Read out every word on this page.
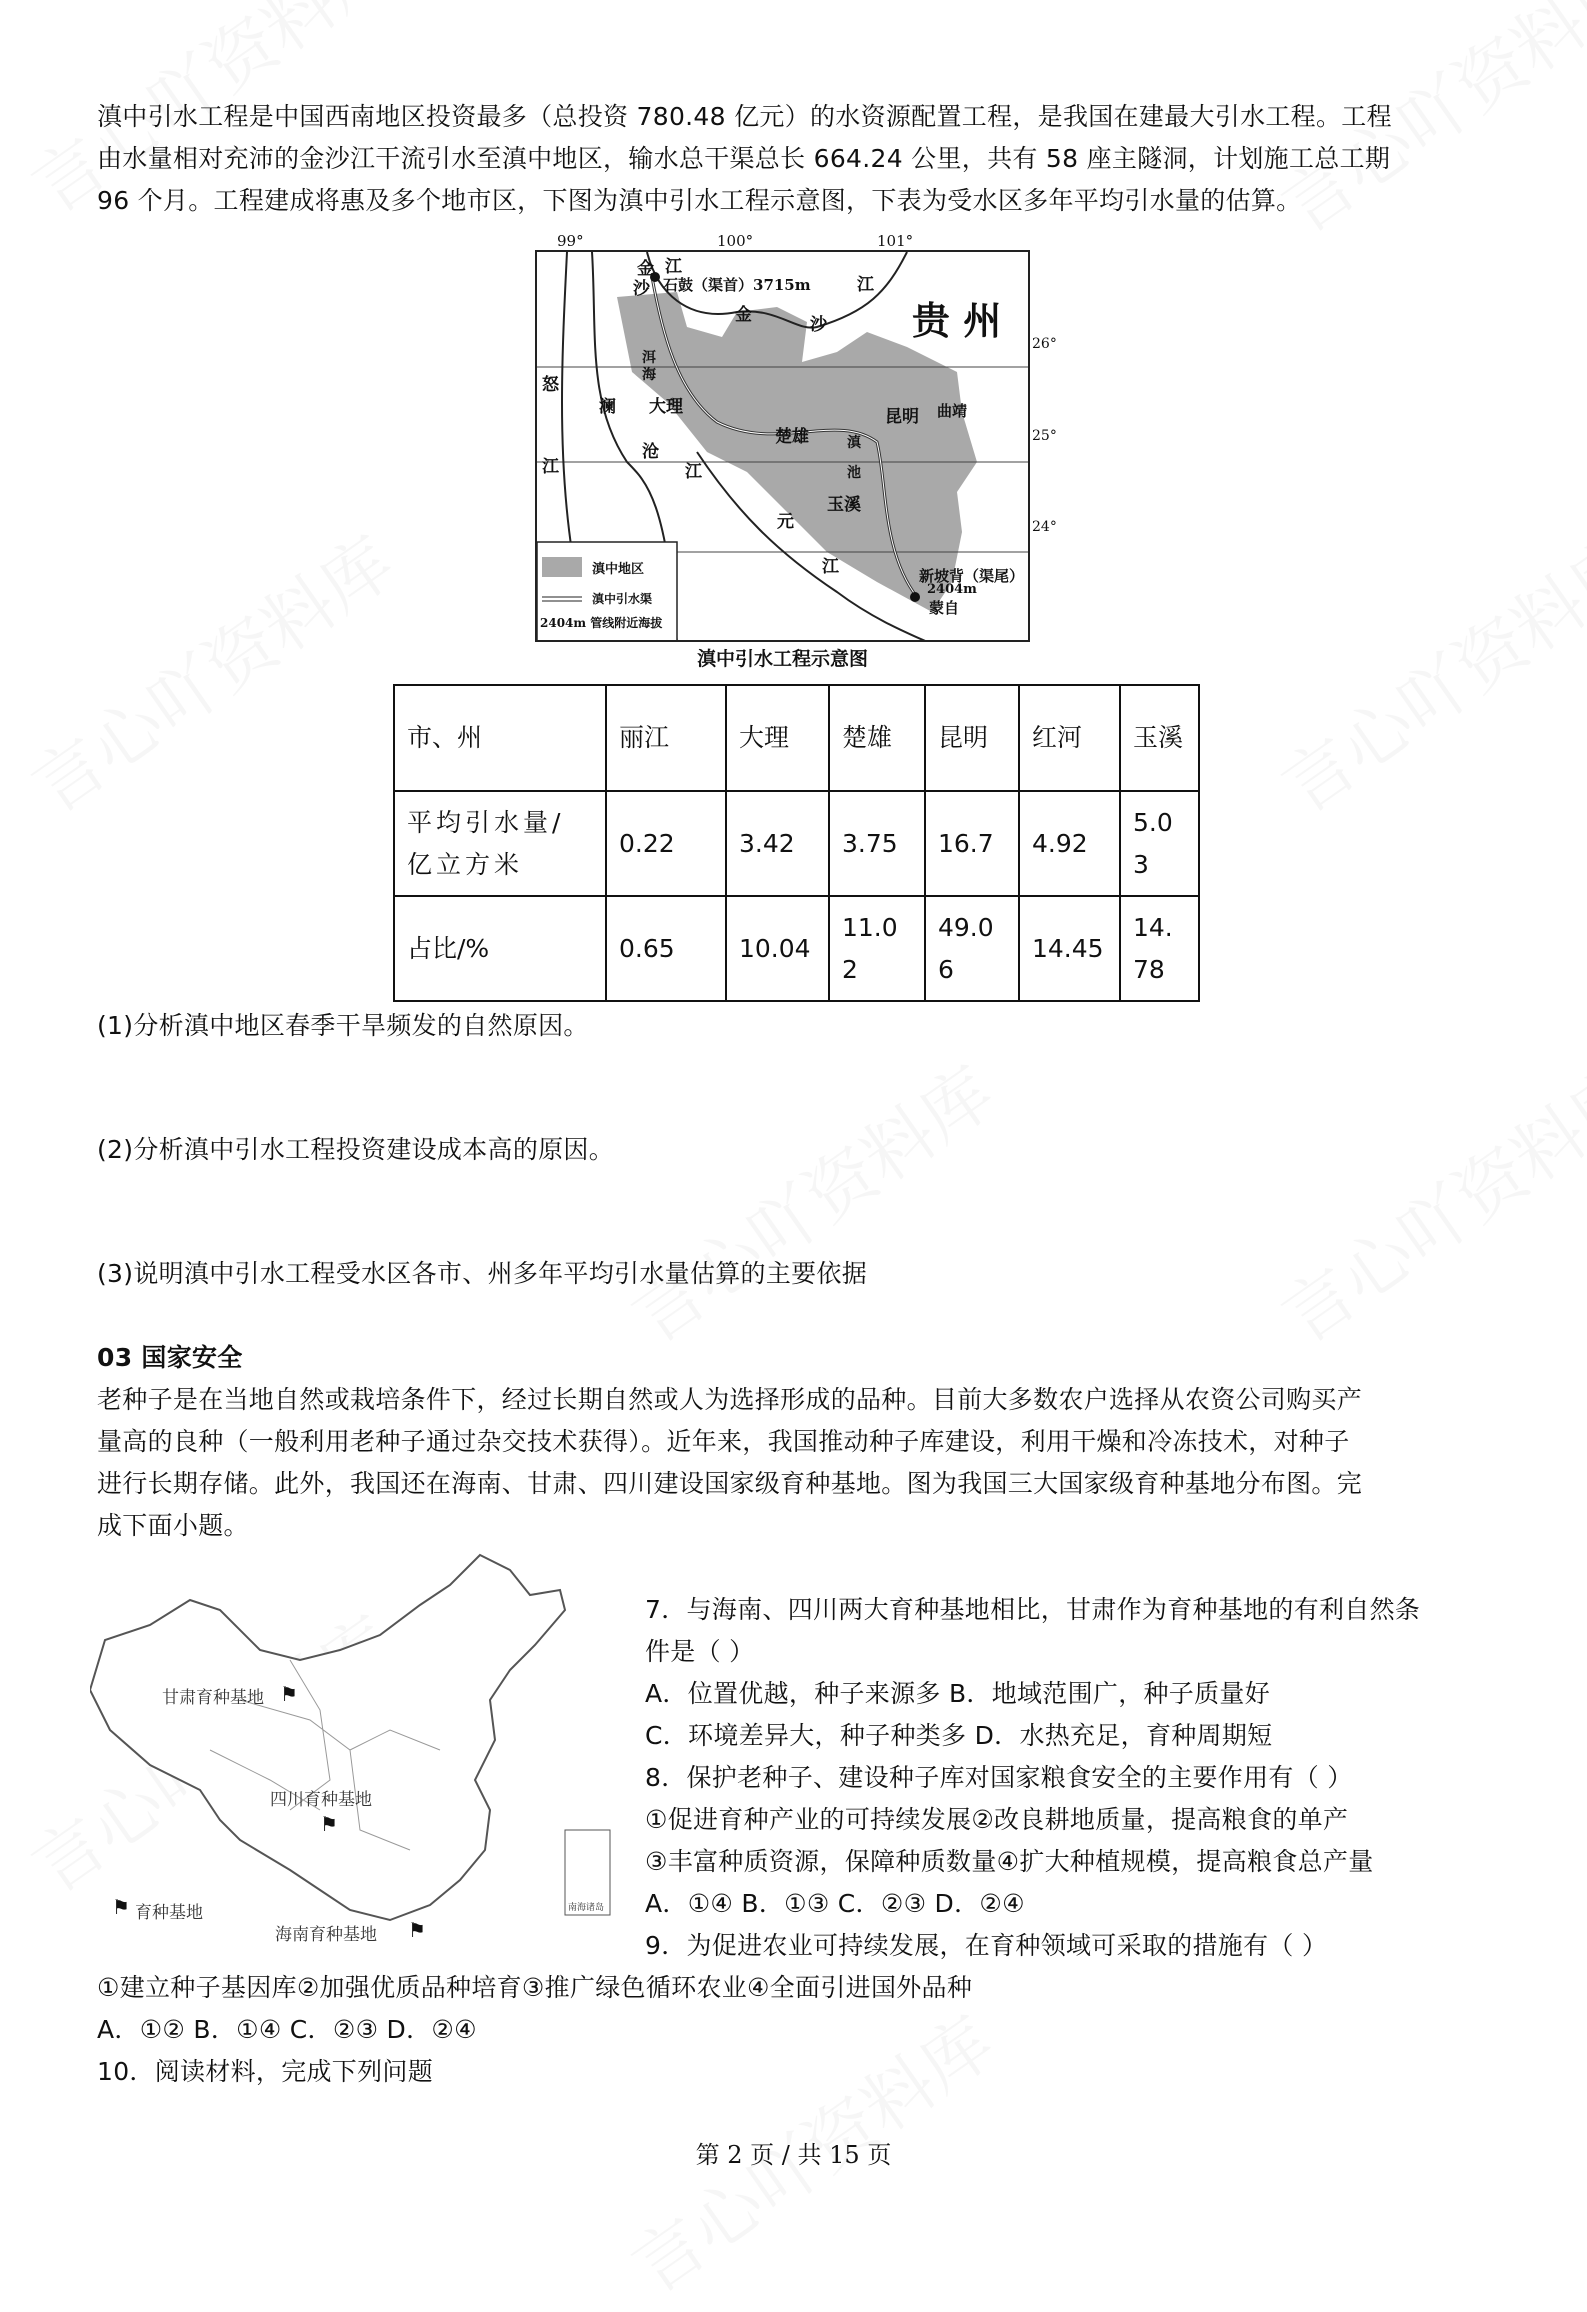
滇中引水工程是中国西南地区投资最多（总投资 780.48 亿元）的水资源配置工程，是我国在建最大引水工程。工程
由水量相对充沛的金沙江干流引水至滇中地区，输水总干渠总长 664.24 公里，共有 58 座主隧洞，计划施工总工期
96 个月。工程建成将惠及多个地市区，下图为滇中引水工程示意图，下表为受水区多年平均引水量的估算。
99°	100°	101°
26°
25°
24°
金 江
沙 石鼓（渠首）3715m
贵 州
金	沙
江
怒
江
澜
沧
江
洱
海
大理
楚雄
昆明 曲靖
滇
池
玉溪
元
江	新坡背（渠尾）
2404m
蒙自
滇中地区
滇中引水渠
2404m 管线附近海拔
滇中引水工程示意图
市、州	丽江	大理	楚雄	昆明	红河	玉溪
平均引水量/亿立方米	0.22	3.42	3.75	16.7	4.92	5.03
占比/%	0.65	10.04	11.02	49.06	14.45	14.78
(1)分析滇中地区春季干旱频发的自然原因。
(2)分析滇中引水工程投资建设成本高的原因。
(3)说明滇中引水工程受水区各市、州多年平均引水量估算的主要依据
03 国家安全
老种子是在当地自然或栽培条件下，经过长期自然或人为选择形成的品种。目前大多数农户选择从农资公司购买产
量高的良种（一般利用老种子通过杂交技术获得）。近年来，我国推动种子库建设，利用干燥和冷冻技术，对种子
进行长期存储。此外，我国还在海南、甘肃、四川建设国家级育种基地。图为我国三大国家级育种基地分布图。完
成下面小题。
甘肃育种基地 ⚑
四川育种基地
⚑
海南育种基地 ⚑
⚑ 育种基地	南海诸岛
7．与海南、四川两大育种基地相比，甘肃作为育种基地的有利自然条
件是（ ）
A．位置优越，种子来源多 B．地域范围广，种子质量好
C．环境差异大，种子种类多 D．水热充足，育种周期短
8．保护老种子、建设种子库对国家粮食安全的主要作用有（ ）
①促进育种产业的可持续发展②改良耕地质量，提高粮食的单产
③丰富种质资源，保障种质数量④扩大种植规模，提高粮食总产量
A．①④ B．①③ C．②③ D．②④
9．为促进农业可持续发展，在育种领域可采取的措施有（ ）
①建立种子基因库②加强优质品种培育③推广绿色循环农业④全面引进国外品种
A．①② B．①④ C．②③ D．②④
10．阅读材料，完成下列问题
第 2 页 / 共 15 页
